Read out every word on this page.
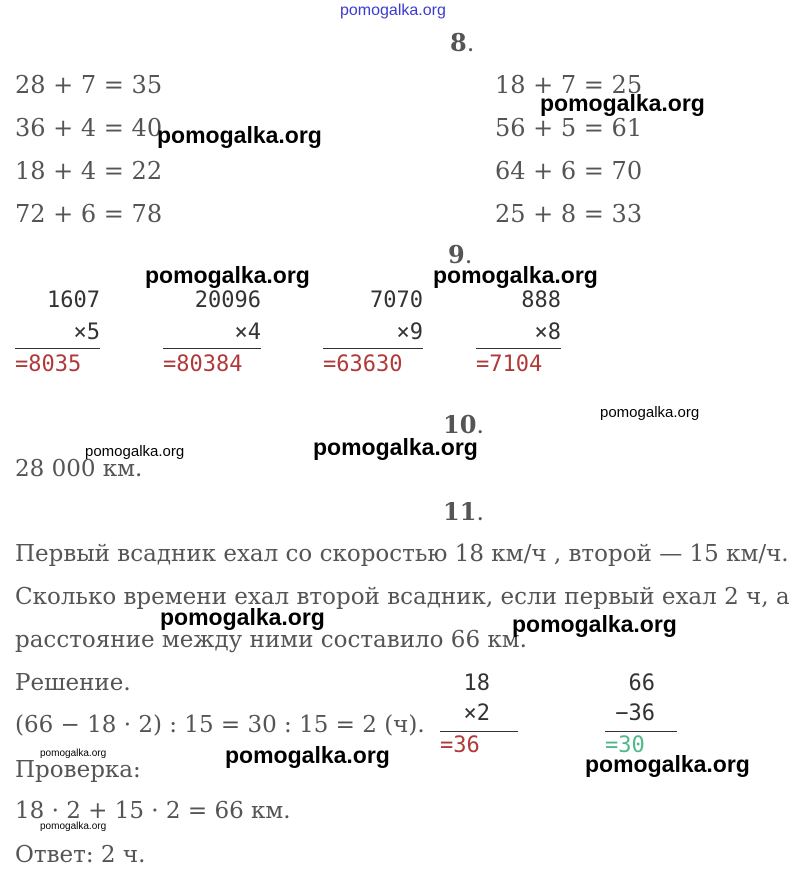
pomogalka.org
8.
28 + 7 = 35
36 + 4 = 40
18 + 4 = 22
72 + 6 = 78
18 + 7 = 25
56 + 5 = 61
64 + 6 = 70
25 + 8 = 33
pomogalka.org
pomogalka.org
9.
pomogalka.org	pomogalka.org
1607
×5
=8035
20096
×4
=80384
7070
×9
=63630
888
×8
=7104
pomogalka.org
10.
pomogalka.org
28 000 км.
pomogalka.org
11.
Первый всадник ехал со скоростью 18 км/ч , второй — 15 км/ч.
Сколько времени ехал второй всадник, если первый ехал 2 ч, а
расстояние между ними составило 66 км.
pomogalka.org	pomogalka.org
Решение.
(66 − 18 · 2) : 15 = 30 : 15 = 2 (ч).
18
×2
=36
66
−36
=30
pomogalka.org	pomogalka.org	pomogalka.org
Проверка:
18 · 2 + 15 · 2 = 66 км.
pomogalka.org
Ответ: 2 ч.
